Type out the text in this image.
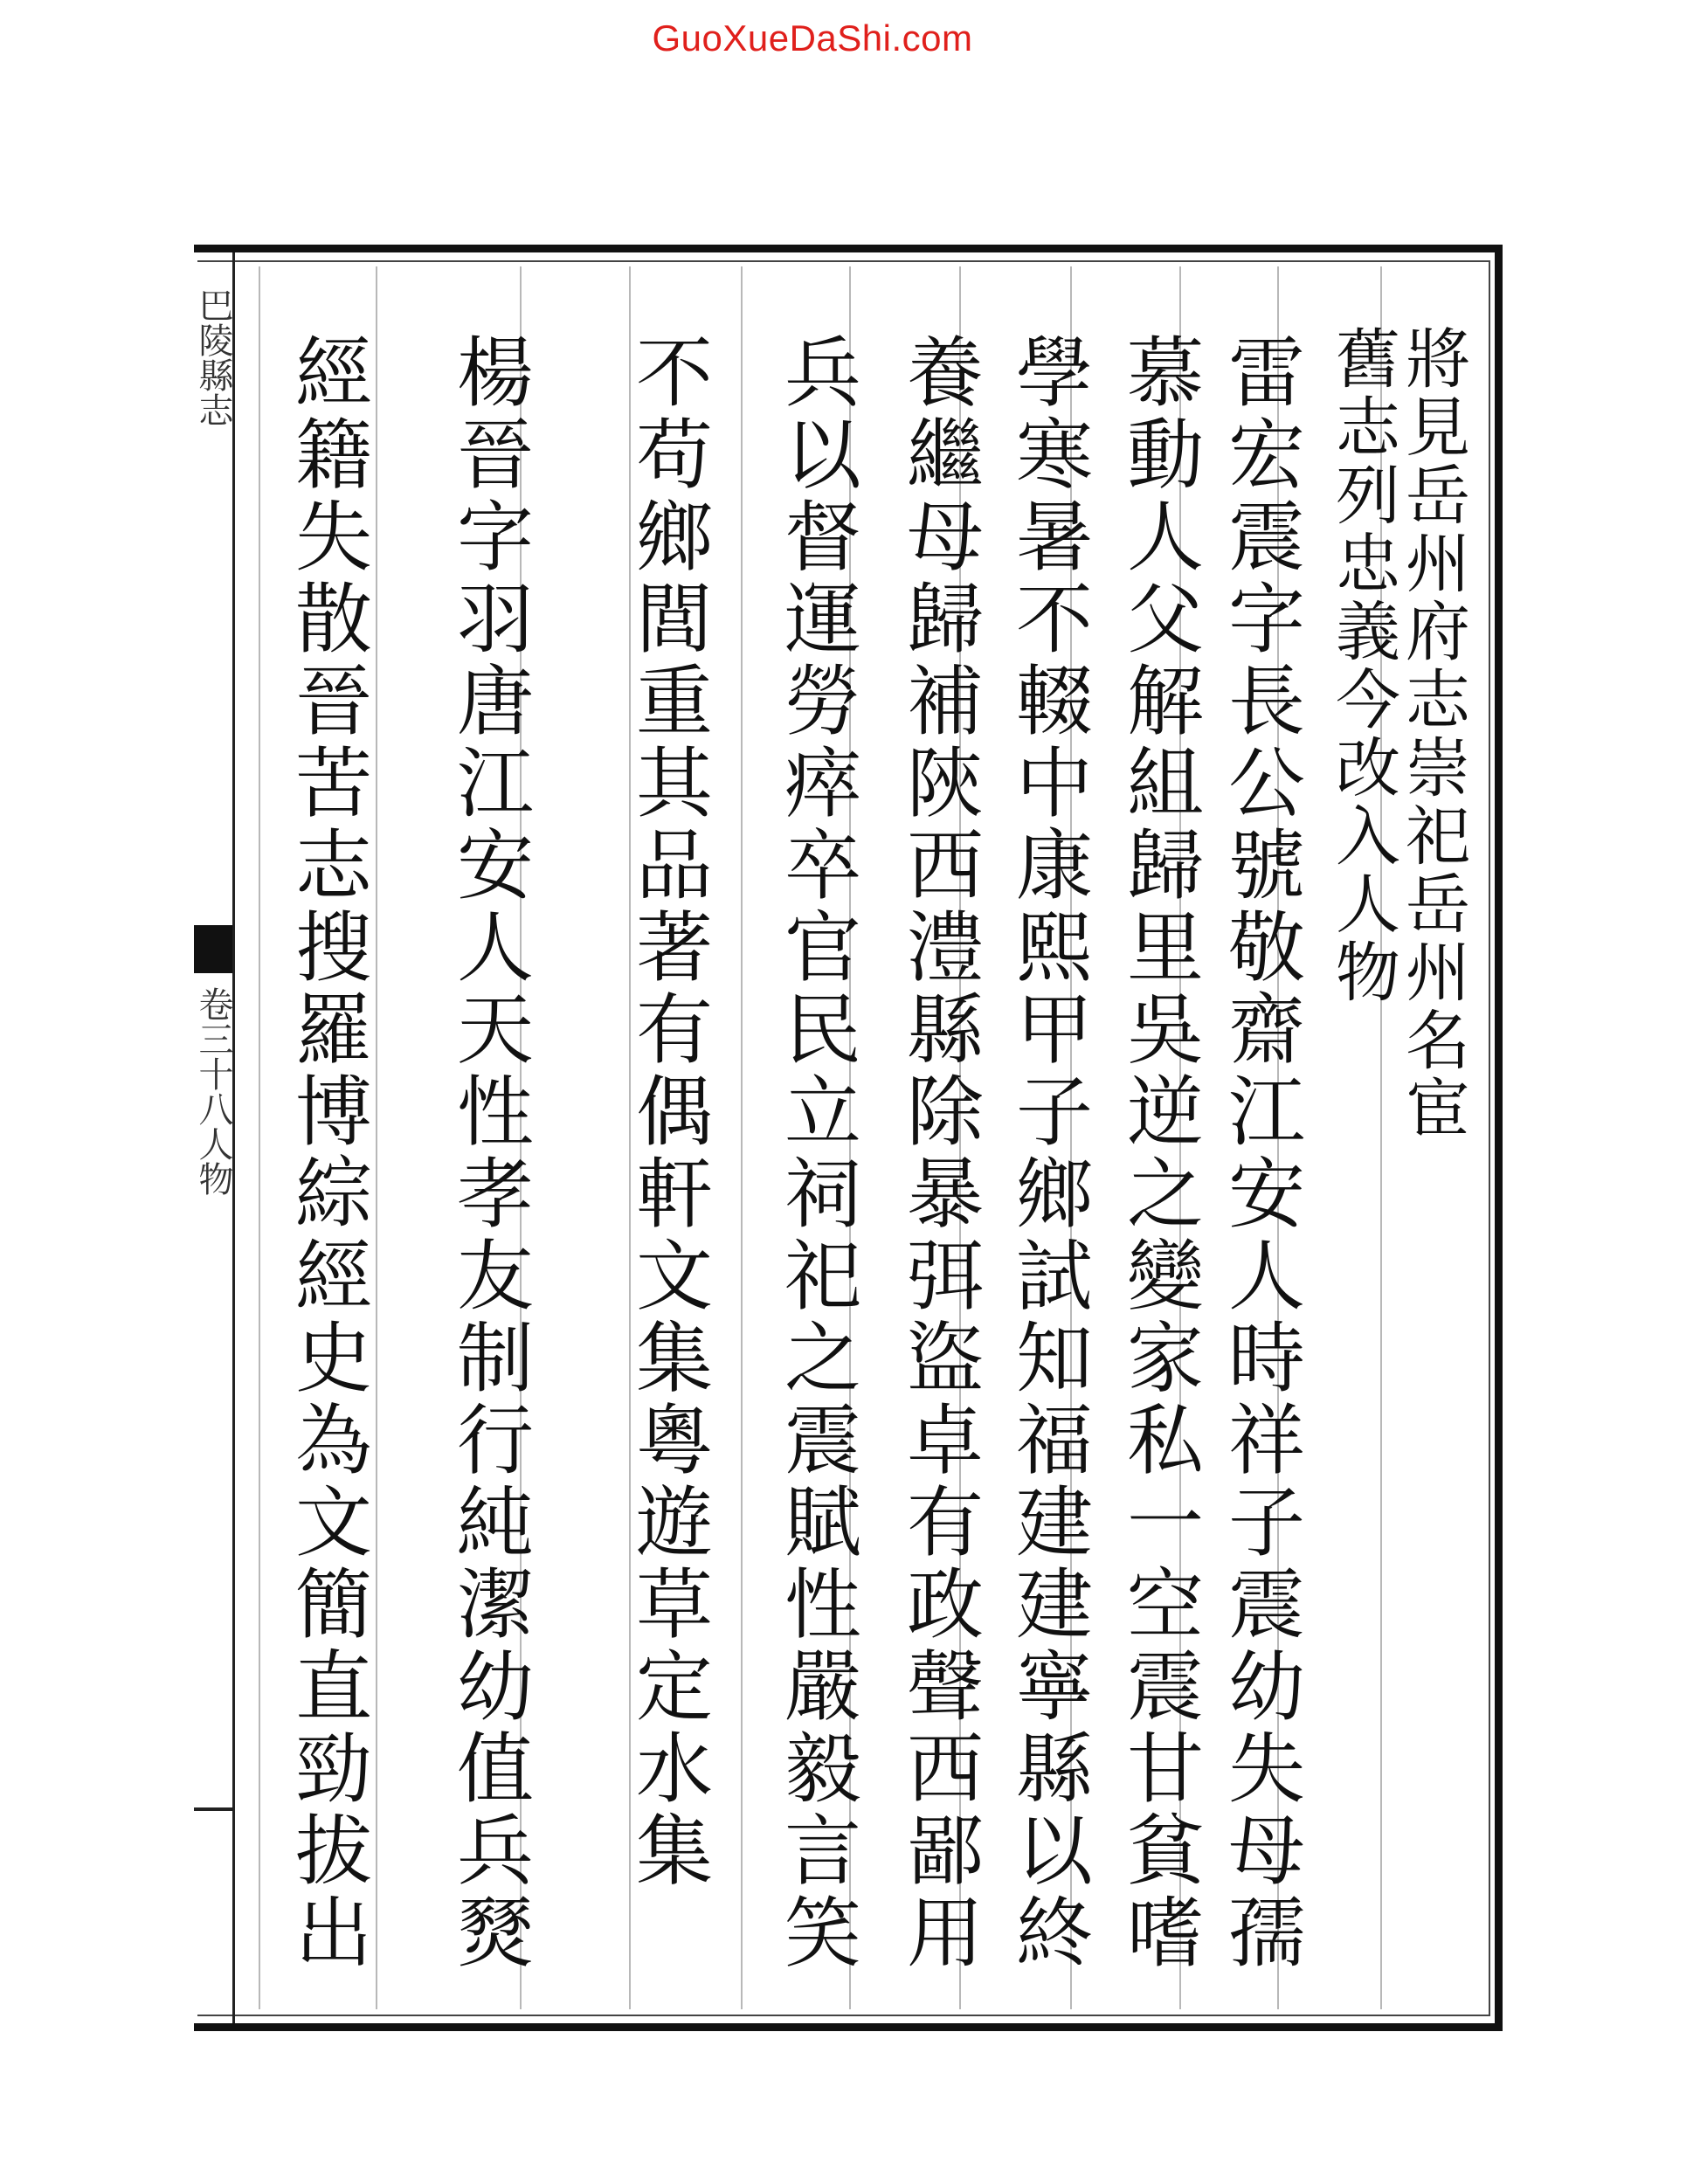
GuoXueDaShi.com
巴陵縣志
卷三十八人物	將見岳州府志崇祀岳州名宦
舊志列忠義今改入人物
雷宏震字長公號敬齋江安人時祥子震幼失母孺
慕動人父解組歸里吳逆之變家私一空震甘貧嗜
學寒暑不輟中康熙甲子鄉試知福建建寧縣以終
養繼母歸補陝西澧縣除暴弭盜卓有政聲西鄙用
兵以督運勞瘁卒官民立祠祀之震賦性嚴毅言笑
不苟鄉閭重其品著有偶軒文集粵遊草定水集
楊晉字羽唐江安人天性孝友制行純潔幼值兵燹
經籍失散晉苦志搜羅博綜經史為文簡直勁拔出
